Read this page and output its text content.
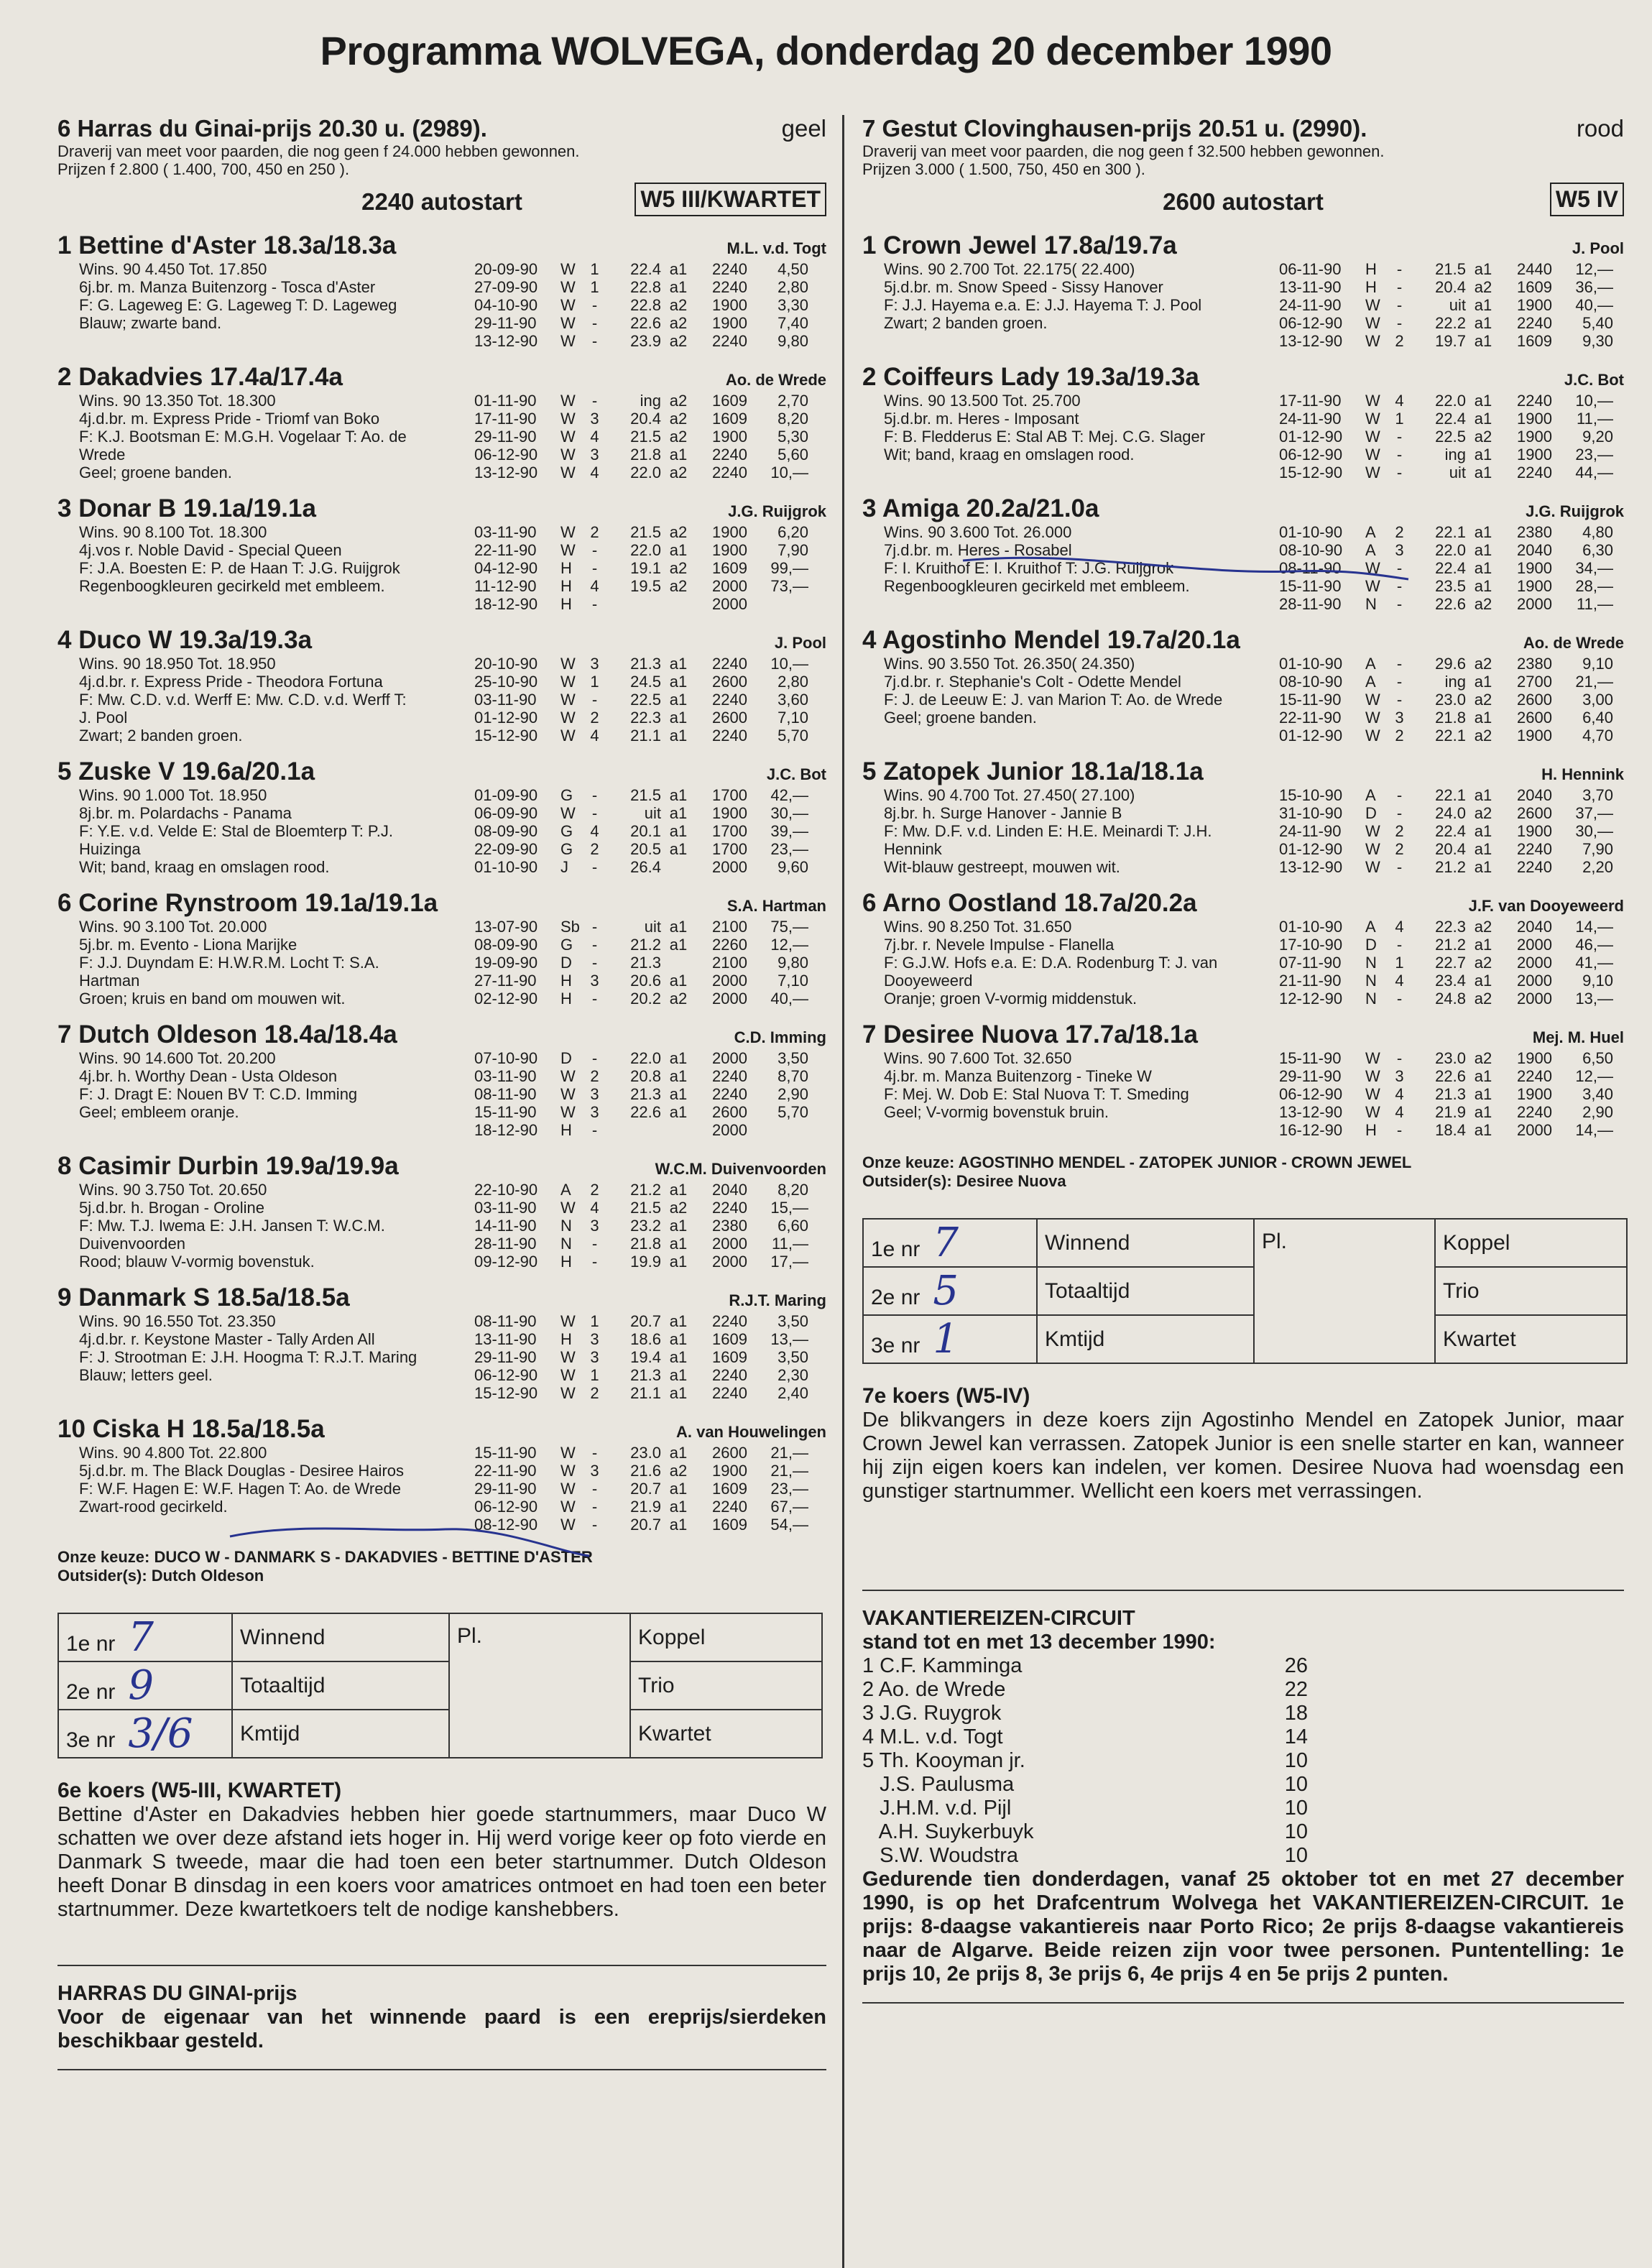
Programma WOLVEGA, donderdag 20 december 1990
6 Harras du Ginai-prijs 20.30 u. (2989).	geel
Draverij van meet voor paarden, die nog geen f 24.000 hebben gewonnen.
Prijzen f 2.800 ( 1.400, 700, 450 en 250 ).
2240 autostart	W5 III/KWARTET
1 Bettine d'Aster 18.3a/18.3a	M.L. v.d. Togt
Wins. 90 4.450 Tot. 17.850
6j.br. m. Manza Buitenzorg - Tosca d'Aster
F: G. Lageweg E: G. Lageweg T: D. Lageweg
Blauw; zwarte band.
20-09-90	W 1	22.4 a1	2240	4,50
27-09-90	W 1	22.8 a1	2240	2,80
04-10-90	W	-	22.8 a2	1900	3,30
29-11-90	W	-	22.6 a2	1900	7,40
13-12-90	W	-	23.9 a2	2240	9,80
2 Dakadvies 17.4a/17.4a	Ao. de Wrede
Wins. 90 13.350 Tot. 18.300
4j.d.br. m. Express Pride - Triomf van Boko
F: K.J. Bootsman E: M.G.H. Vogelaar T: Ao. de
Wrede
Geel; groene banden.
01-11-90	W	-	ing a2	1609	2,70
17-11-90	W 3	20.4 a2	1609	8,20
29-11-90	W 4	21.5 a2	1900	5,30
06-12-90	W 3	21.8 a1	2240	5,60
13-12-90	W 4	22.0 a2	2240	10,—
3 Donar B 19.1a/19.1a	J.G. Ruijgrok
Wins. 90 8.100 Tot. 18.300
4j.vos r. Noble David - Special Queen
F: J.A. Boesten E: P. de Haan T: J.G. Ruijgrok
Regenboogkleuren gecirkeld met embleem.
03-11-90	W 2	21.5 a2	1900	6,20
22-11-90	W	-	22.0 a1	1900	7,90
04-12-90	H	-	19.1 a2	1609	99,—
11-12-90	H	4	19.5 a2	2000	73,—
18-12-90	H	-	2000
4 Duco W 19.3a/19.3a	J. Pool
Wins. 90 18.950 Tot. 18.950
4j.d.br. r. Express Pride - Theodora Fortuna
F: Mw. C.D. v.d. Werff E: Mw. C.D. v.d. Werff T:
J. Pool
Zwart; 2 banden groen.
20-10-90	W 3	21.3 a1	2240	10,—
25-10-90	W 1	24.5 a1	2600	2,80
03-11-90	W	-	22.5 a1	2240	3,60
01-12-90	W 2	22.3 a1	2600	7,10
15-12-90	W 4	21.1 a1	2240	5,70
5 Zuske V 19.6a/20.1a	J.C. Bot
Wins. 90 1.000 Tot. 18.950
8j.br. m. Polardachs - Panama
F: Y.E. v.d. Velde E: Stal de Bloemterp T: P.J.
Huizinga
Wit; band, kraag en omslagen rood.
01-09-90	G	-	21.5 a1	1700	42,—
06-09-90	W	-	uit a1	1900	30,—
08-09-90	G	4	20.1 a1	1700	39,—
22-09-90	G	2	20.5 a1	1700	23,—
01-10-90	J	-	26.4	2000	9,60
6 Corine Rynstroom 19.1a/19.1a	S.A. Hartman
Wins. 90 3.100 Tot. 20.000
5j.br. m. Evento - Liona Marijke
F: J.J. Duyndam E: H.W.R.M. Locht T: S.A.
Hartman
Groen; kruis en band om mouwen wit.
13-07-90	Sb -	uit a1	2100	75,—
08-09-90	G	-	21.2 a1	2260	12,—
19-09-90	D	-	21.3	2100	9,80
27-11-90	H	3	20.6 a1	2000	7,10
02-12-90	H	-	20.2 a2	2000	40,—
7 Dutch Oldeson 18.4a/18.4a	C.D. Imming
Wins. 90 14.600 Tot. 20.200
4j.br. h. Worthy Dean - Usta Oldeson
F: J. Dragt E: Nouen BV T: C.D. Imming
Geel; embleem oranje.
07-10-90	D	-	22.0 a1	2000	3,50
03-11-90	W 2	20.8 a1	2240	8,70
08-11-90	W 3	21.3 a1	2240	2,90
15-11-90	W 3	22.6 a1	2600	5,70
18-12-90	H	-	2000
8 Casimir Durbin 19.9a/19.9a	W.C.M. Duivenvoorden
Wins. 90 3.750 Tot. 20.650
5j.d.br. h. Brogan - Oroline
F: Mw. T.J. Iwema E: J.H. Jansen T: W.C.M.
Duivenvoorden
Rood; blauw V-vormig bovenstuk.
22-10-90	A	2	21.2 a1	2040	8,20
03-11-90	W 4	21.5 a2	2240	15,—
14-11-90	N	3	23.2 a1	2380	6,60
28-11-90	N	-	21.8 a1	2000	11,—
09-12-90	H	-	19.9 a1	2000	17,—
9 Danmark S 18.5a/18.5a	R.J.T. Maring
Wins. 90 16.550 Tot. 23.350
4j.d.br. r. Keystone Master - Tally Arden All
F: J. Strootman E: J.H. Hoogma T: R.J.T. Maring
Blauw; letters geel.
08-11-90	W 1	20.7 a1	2240	3,50
13-11-90	H	3	18.6 a1	1609	13,—
29-11-90	W 3	19.4 a1	1609	3,50
06-12-90	W 1	21.3 a1	2240	2,30
15-12-90	W 2	21.1 a1	2240	2,40
10 Ciska H 18.5a/18.5a	A. van Houwelingen
Wins. 90 4.800 Tot. 22.800
5j.d.br. m. The Black Douglas - Desiree Hairos
F: W.F. Hagen E: W.F. Hagen T: Ao. de Wrede
Zwart-rood gecirkeld.
15-11-90	W	-	23.0 a1	2600	21,—
22-11-90	W 3	21.6 a2	1900	21,—
29-11-90	W	-	20.7 a1	1609	23,—
06-12-90	W	-	21.9 a1	2240	67,—
08-12-90	W	-	20.7 a1	1609	54,—
Onze keuze: DUCO W - DANMARK S - DAKADVIES - BETTINE D'ASTER
Outsider(s): Dutch Oldeson
1e nr 7	Winnend	Pl.	Koppel
2e nr 9	Totaaltijd		Trio
3e nr 3/6	Kmtijd		Kwartet
6e koers (W5-III, KWARTET)
Bettine d'Aster en Dakadvies hebben hier goede startnummers, maar Duco W schatten we over deze afstand iets hoger in. Hij werd vorige keer op foto vierde en Danmark S tweede, maar die had toen een beter startnummer. Dutch Oldeson heeft Donar B dinsdag in een koers voor amatrices ontmoet en had toen een beter startnummer. Deze kwartetkoers telt de nodige kanshebbers.
HARRAS DU GINAI-prijs
Voor de eigenaar van het winnende paard is een ereprijs/sierdeken beschikbaar gesteld.
7 Gestut Clovinghausen-prijs 20.51 u. (2990).	rood
Draverij van meet voor paarden, die nog geen f 32.500 hebben gewonnen.
Prijzen 3.000 ( 1.500, 750, 450 en 300 ).
2600 autostart	W5 IV
1 Crown Jewel 17.8a/19.7a	J. Pool
Wins. 90 2.700 Tot. 22.175( 22.400)
5j.d.br. m. Snow Speed - Sissy Hanover
F: J.J. Hayema e.a. E: J.J. Hayema T: J. Pool
Zwart; 2 banden groen.
06-11-90	H	-	21.5 a1	2440	12,—
13-11-90	H	-	20.4 a2	1609	36,—
24-11-90	W	-	uit a1	1900	40,—
06-12-90	W	-	22.2 a1	2240	5,40
13-12-90	W 2	19.7 a1	1609	9,30
2 Coiffeurs Lady 19.3a/19.3a	J.C. Bot
Wins. 90 13.500 Tot. 25.700
5j.d.br. m. Heres - Imposant
F: B. Fledderus E: Stal AB T: Mej. C.G. Slager
Wit; band, kraag en omslagen rood.
17-11-90	W 4	22.0 a1	2240	10,—
24-11-90	W 1	22.4 a1	1900	11,—
01-12-90	W	-	22.5 a2	1900	9,20
06-12-90	W	-	ing a1	1900	23,—
15-12-90	W	-	uit a1	2240	44,—
3 Amiga 20.2a/21.0a	J.G. Ruijgrok
Wins. 90 3.600 Tot. 26.000
7j.d.br. m. Heres - Rosabel
F: I. Kruithof E: I. Kruithof T: J.G. Ruijgrok
Regenboogkleuren gecirkeld met embleem.
01-10-90	A	2	22.1 a1	2380	4,80
08-10-90	A	3	22.0 a1	2040	6,30
08-11-90	W	-	22.4 a1	1900	34,—
15-11-90	W	-	23.5 a1	1900	28,—
28-11-90	N	-	22.6 a2	2000	11,—
4 Agostinho Mendel 19.7a/20.1a	Ao. de Wrede
Wins. 90 3.550 Tot. 26.350( 24.350)
7j.d.br. r. Stephanie's Colt - Odette Mendel
F: J. de Leeuw E: J. van Marion T: Ao. de Wrede
Geel; groene banden.
01-10-90	A	-	29.6 a2	2380	9,10
08-10-90	A	-	ing a1	2700	21,—
15-11-90	W	-	23.0 a2	2600	3,00
22-11-90	W 3	21.8 a1	2600	6,40
01-12-90	W 2	22.1 a2	1900	4,70
5 Zatopek Junior 18.1a/18.1a	H. Hennink
Wins. 90 4.700 Tot. 27.450( 27.100)
8j.br. h. Surge Hanover - Jannie B
F: Mw. D.F. v.d. Linden E: H.E. Meinardi T: J.H.
Hennink
Wit-blauw gestreept, mouwen wit.
15-10-90	A	-	22.1 a1	2040	3,70
31-10-90	D	-	24.0 a2	2600	37,—
24-11-90	W 2	22.4 a1	1900	30,—
01-12-90	W 2	20.4 a1	2240	7,90
13-12-90	W	-	21.2 a1	2240	2,20
6 Arno Oostland 18.7a/20.2a	J.F. van Dooyeweerd
Wins. 90 8.250 Tot. 31.650
7j.br. r. Nevele Impulse - Flanella
F: G.J.W. Hofs e.a. E: D.A. Rodenburg T: J. van
Dooyeweerd
Oranje; groen V-vormig middenstuk.
01-10-90	A	4	22.3 a2	2040	14,—
17-10-90	D	-	21.2 a1	2000	46,—
07-11-90	N	1	22.7 a2	2000	41,—
21-11-90	N	4	23.4 a1	2000	9,10
12-12-90	N	-	24.8 a2	2000	13,—
7 Desiree Nuova 17.7a/18.1a	Mej. M. Huel
Wins. 90 7.600 Tot. 32.650
4j.br. m. Manza Buitenzorg - Tineke W
F: Mej. W. Dob E: Stal Nuova T: T. Smeding
Geel; V-vormig bovenstuk bruin.
15-11-90	W	-	23.0 a2	1900	6,50
29-11-90	W 3	22.6 a1	2240	12,—
06-12-90	W 4	21.3 a1	1900	3,40
13-12-90	W 4	21.9 a1	2240	2,90
16-12-90	H	-	18.4 a1	2000	14,—
Onze keuze: AGOSTINHO MENDEL - ZATOPEK JUNIOR - CROWN JEWEL
Outsider(s): Desiree Nuova
1e nr 7	Winnend	Pl.	Koppel
2e nr 5	Totaaltijd		Trio
3e nr 1	Kmtijd		Kwartet
7e koers (W5-IV)
De blikvangers in deze koers zijn Agostinho Mendel en Zatopek Junior, maar Crown Jewel kan verrassen. Zatopek Junior is een snelle starter en kan, wanneer hij zijn eigen koers kan indelen, ver komen. Desiree Nuova had woensdag een gunstiger startnummer. Wellicht een koers met verrassingen.
VAKANTIEREIZEN-CIRCUIT
stand tot en met 13 december 1990:
1 C.F. Kamminga	26
2 Ao. de Wrede	22
3 J.G. Ruygrok	18
4 M.L. v.d. Togt	14
5 Th. Kooyman jr.	10
J.S. Paulusma	10
J.H.M. v.d. Pijl	10
A.H. Suykerbuyk	10
S.W. Woudstra	10
Gedurende tien donderdagen, vanaf 25 oktober tot en met 27 december 1990, is op het Drafcentrum Wolvega het VAKANTIEREIZEN-CIRCUIT. 1e prijs: 8-daagse vakantiereis naar Porto Rico; 2e prijs 8-daagse vakantiereis naar de Algarve. Beide reizen zijn voor twee personen. Puntentelling: 1e prijs 10, 2e prijs 8, 3e prijs 6, 4e prijs 4 en 5e prijs 2 punten.
